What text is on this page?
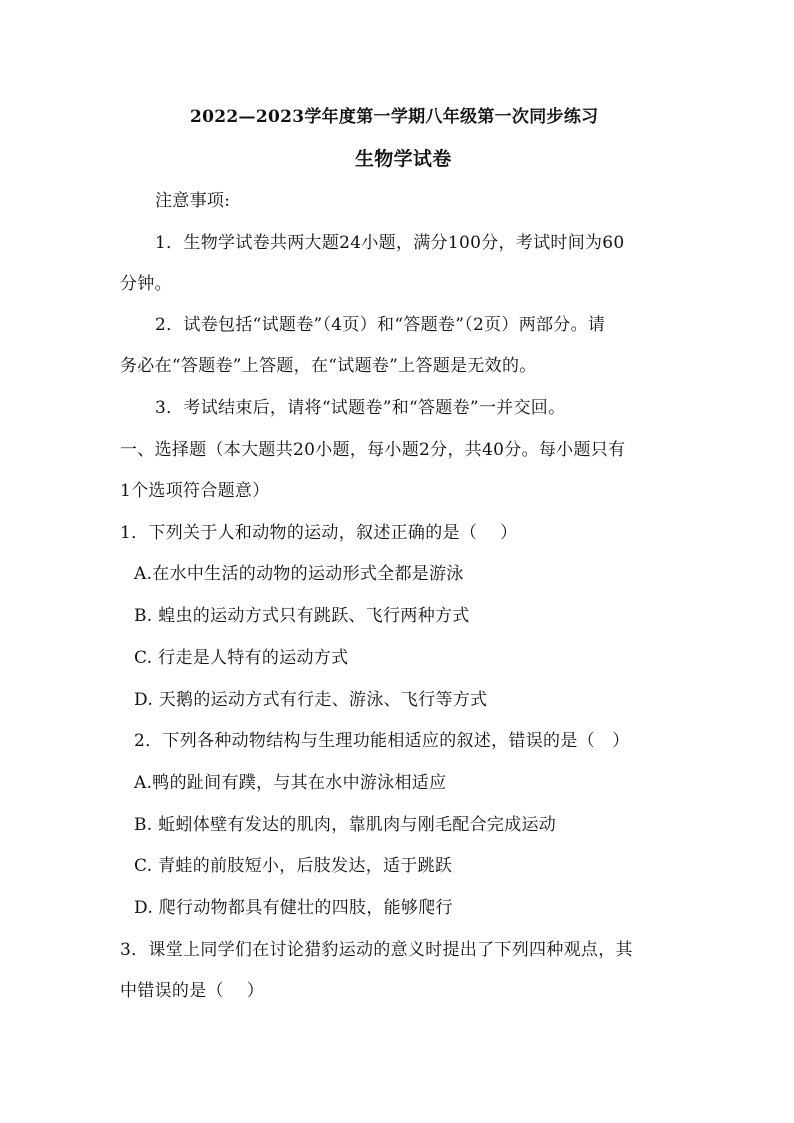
2022—2023学年度第一学期八年级第一次同步练习
生物学试卷
注意事项:
1．生物学试卷共两大题24小题，满分100分，考试时间为60
分钟。
2．试卷包括“试题卷”（4页）和“答题卷”（2页）两部分。请
务必在“答题卷”上答题，在“试题卷”上答题是无效的。
3．考试结束后，请将“试题卷”和“答题卷”一并交回。
一、选择题（本大题共20小题，每小题2分，共40分。每小题只有
1个选项符合题意）
1．下列关于人和动物的运动，叙述正确的是（　 ）
A.在水中生活的动物的运动形式全都是游泳
B. 蝗虫的运动方式只有跳跃、飞行两种方式
C. 行走是人特有的运动方式
D. 天鹅的运动方式有行走、游泳、飞行等方式
2．下列各种动物结构与生理功能相适应的叙述，错误的是（　）
A.鸭的趾间有蹼，与其在水中游泳相适应
B. 蚯蚓体壁有发达的肌肉，靠肌肉与刚毛配合完成运动
C. 青蛙的前肢短小，后肢发达，适于跳跃
D. 爬行动物都具有健壮的四肢，能够爬行
3．课堂上同学们在讨论猎豹运动的意义时提出了下列四种观点，其
中错误的是（　 ）
